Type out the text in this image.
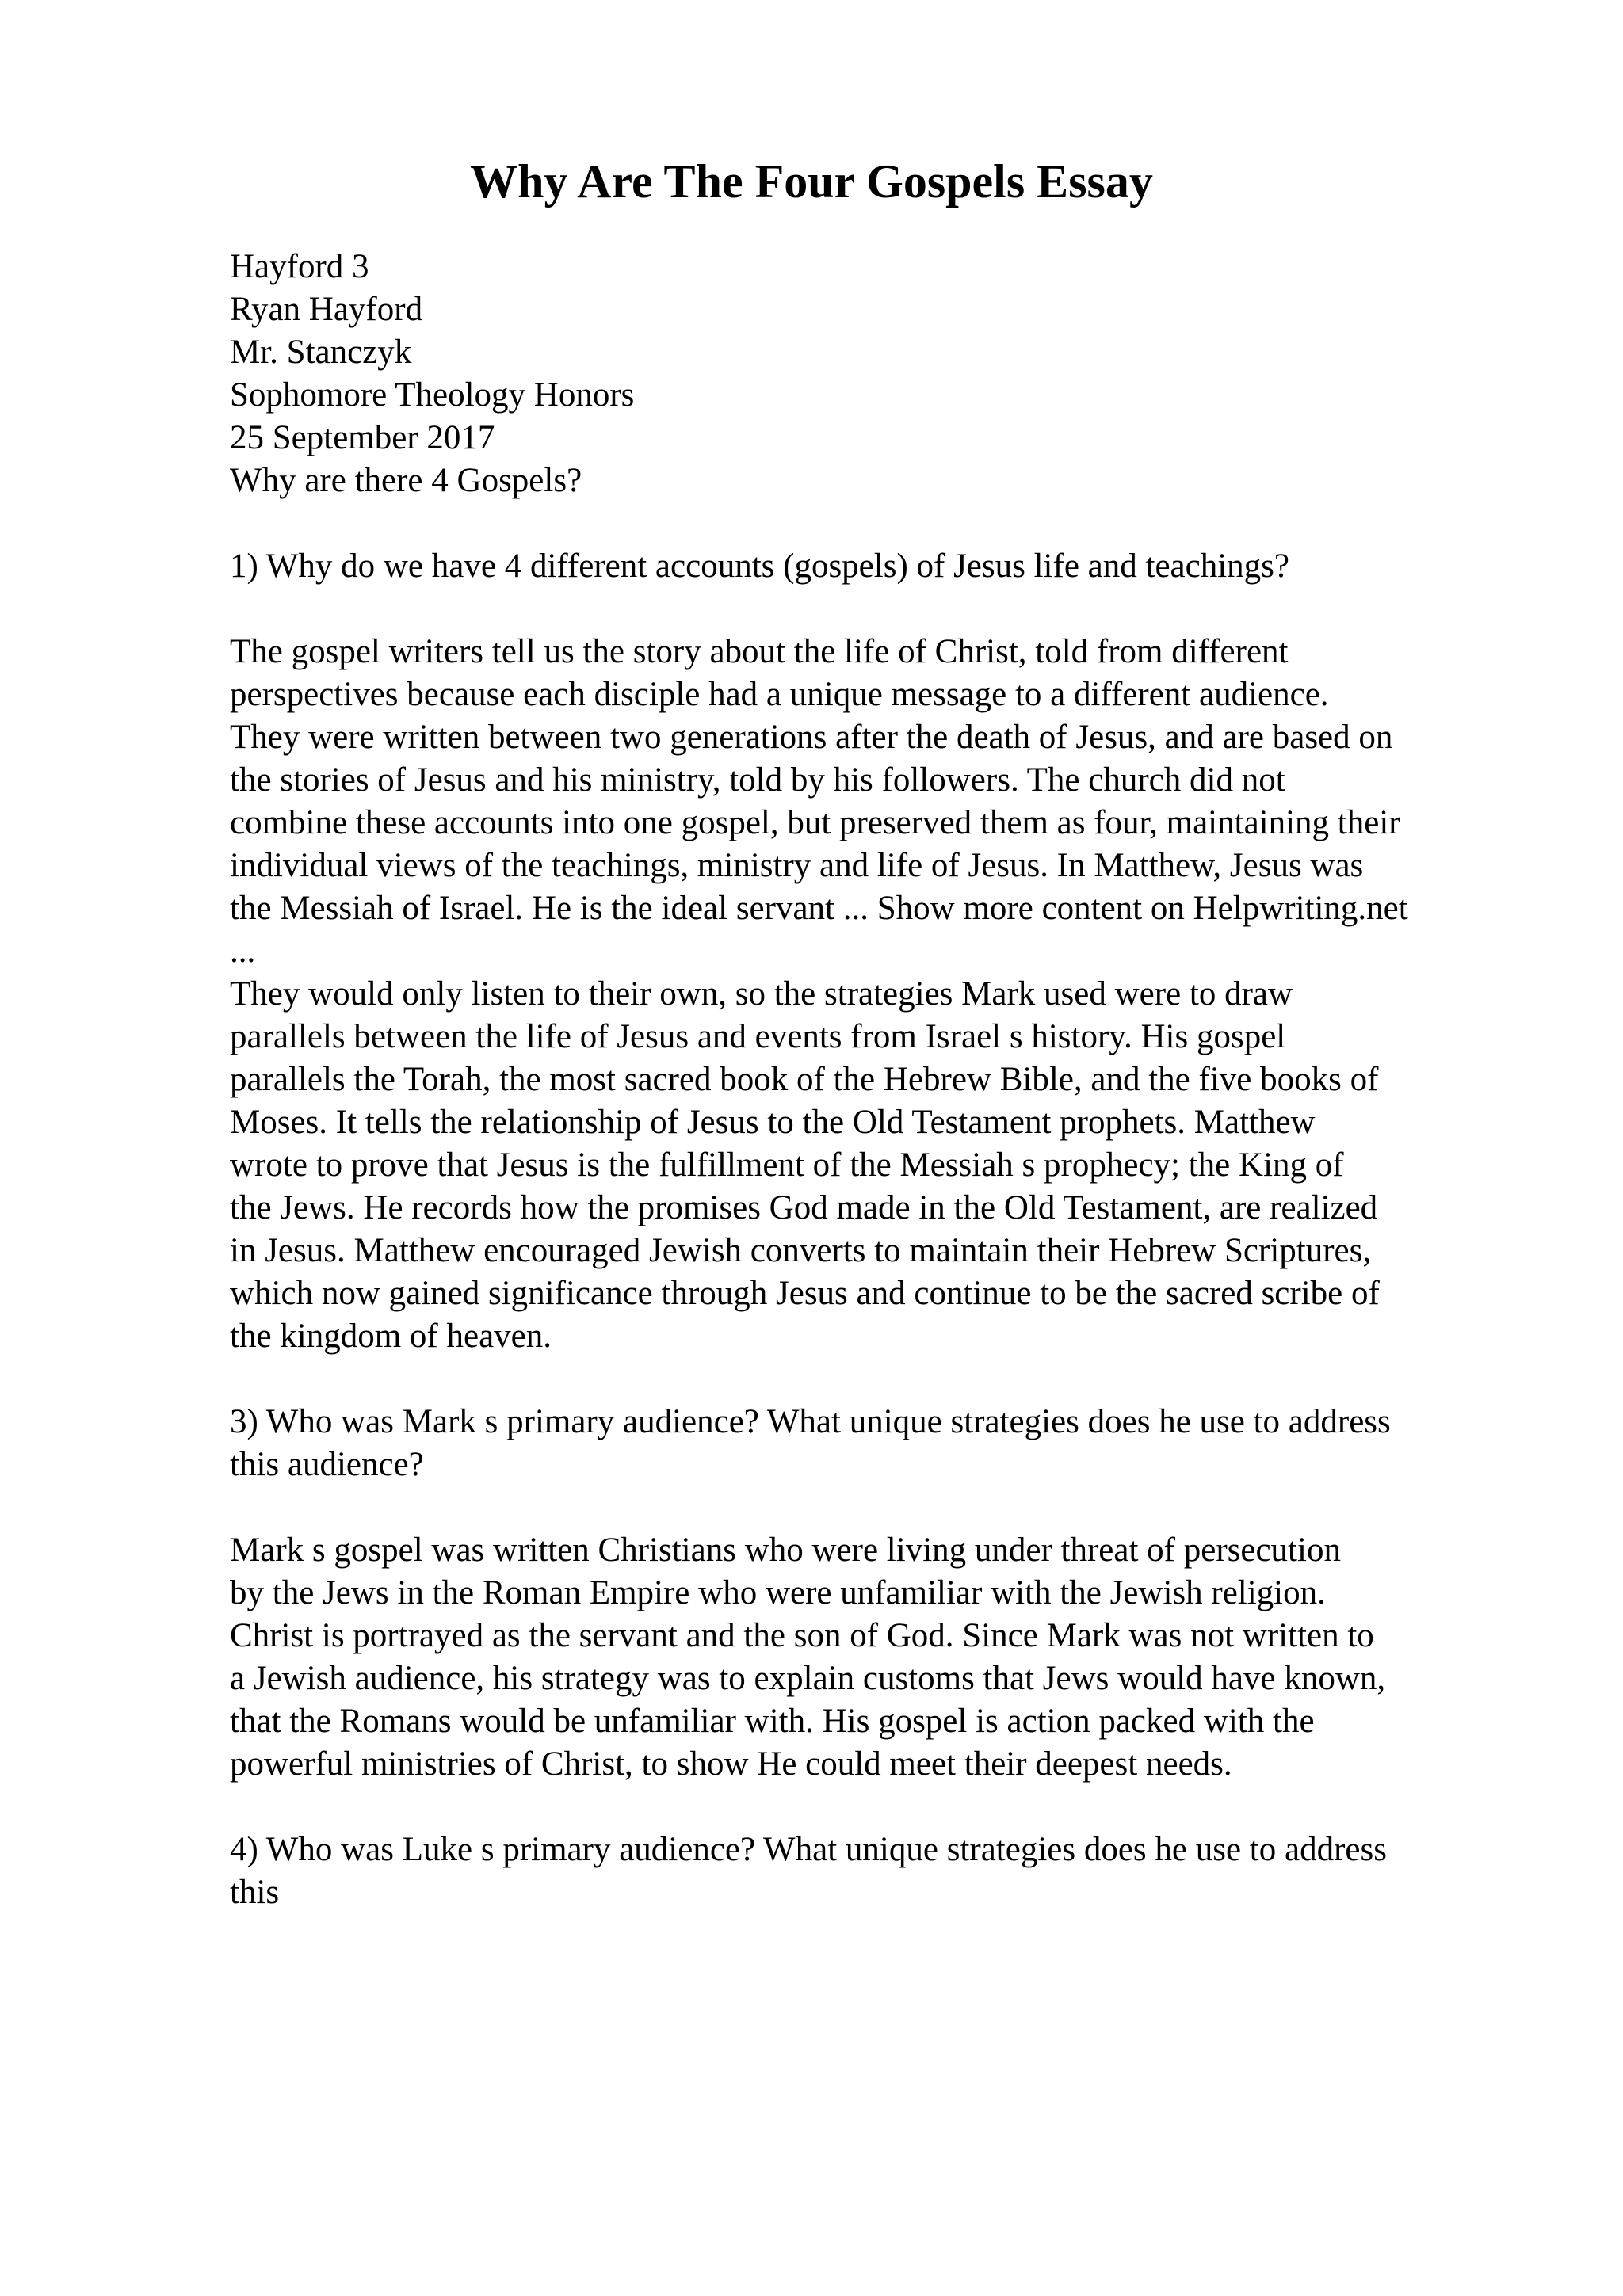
Why Are The Four Gospels Essay
Hayford 3
Ryan Hayford
Mr. Stanczyk
Sophomore Theology Honors
25 September 2017
Why are there 4 Gospels?
1) Why do we have 4 different accounts (gospels) of Jesus life and teachings?
The gospel writers tell us the story about the life of Christ, told from different
perspectives because each disciple had a unique message to a different audience.
They were written between two generations after the death of Jesus, and are based on
the stories of Jesus and his ministry, told by his followers. The church did not
combine these accounts into one gospel, but preserved them as four, maintaining their
individual views of the teachings, ministry and life of Jesus. In Matthew, Jesus was
the Messiah of Israel. He is the ideal servant ... Show more content on Helpwriting.net
...
They would only listen to their own, so the strategies Mark used were to draw
parallels between the life of Jesus and events from Israel s history. His gospel
parallels the Torah, the most sacred book of the Hebrew Bible, and the five books of
Moses. It tells the relationship of Jesus to the Old Testament prophets. Matthew
wrote to prove that Jesus is the fulfillment of the Messiah s prophecy; the King of
the Jews. He records how the promises God made in the Old Testament, are realized
in Jesus. Matthew encouraged Jewish converts to maintain their Hebrew Scriptures,
which now gained significance through Jesus and continue to be the sacred scribe of
the kingdom of heaven.
3) Who was Mark s primary audience? What unique strategies does he use to address
this audience?
Mark s gospel was written Christians who were living under threat of persecution
by the Jews in the Roman Empire who were unfamiliar with the Jewish religion.
Christ is portrayed as the servant and the son of God. Since Mark was not written to
a Jewish audience, his strategy was to explain customs that Jews would have known,
that the Romans would be unfamiliar with. His gospel is action packed with the
powerful ministries of Christ, to show He could meet their deepest needs.
4) Who was Luke s primary audience? What unique strategies does he use to address
this
